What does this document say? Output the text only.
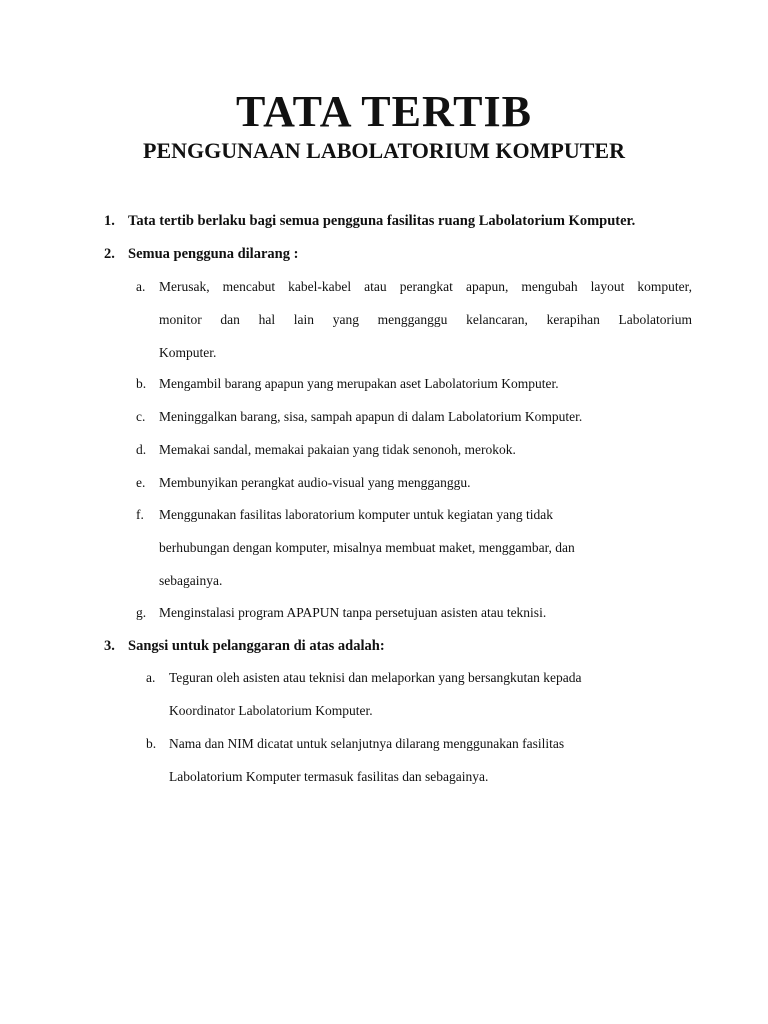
TATA TERTIB
PENGGUNAAN LABOLATORIUM KOMPUTER
1. Tata tertib berlaku bagi semua pengguna fasilitas ruang Labolatorium Komputer.
2. Semua pengguna dilarang :
a.	Merusak, mencabut kabel-kabel atau perangkat apapun, mengubah layout komputer,
monitor dan hal lain yang mengganggu kelancaran, kerapihan Labolatorium
Komputer.
b. Mengambil barang apapun yang merupakan aset Labolatorium Komputer.
c.	Meninggalkan barang, sisa, sampah apapun di dalam Labolatorium Komputer.
d. Memakai sandal, memakai pakaian yang tidak senonoh, merokok.
e.	Membunyikan perangkat audio-visual yang mengganggu.
f.	Menggunakan fasilitas laboratorium komputer untuk kegiatan yang tidak
berhubungan dengan komputer, misalnya membuat maket, menggambar, dan
sebagainya.
g. Menginstalasi program APAPUN tanpa persetujuan asisten atau teknisi.
3. Sangsi untuk pelanggaran di atas adalah:
a.	Teguran oleh asisten atau teknisi dan melaporkan yang bersangkutan kepada
Koordinator Labolatorium Komputer.
b. Nama dan NIM dicatat untuk selanjutnya dilarang menggunakan fasilitas
Labolatorium Komputer termasuk fasilitas dan sebagainya.
